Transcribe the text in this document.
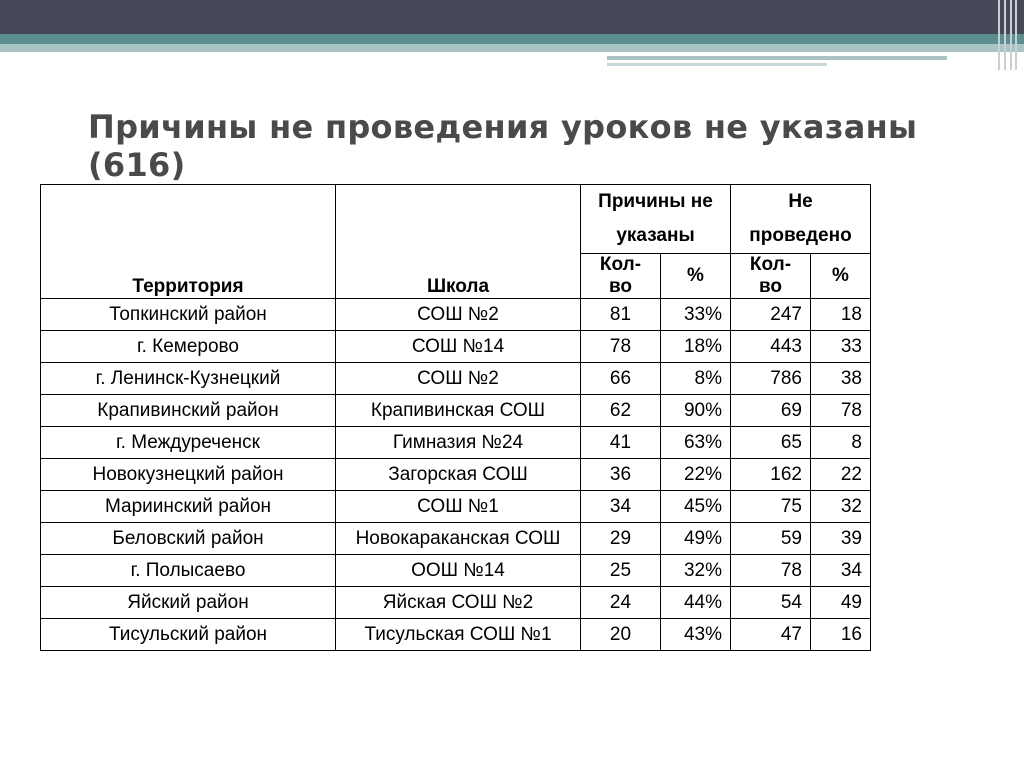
Причины не проведения уроков не указаны (616)
Территория	Школа	Причины не указаны		Не проведено	
		Кол-во	%	Кол-во	%
Топкинский район	СОШ №2	81	33%	247	18
г. Кемерово	СОШ №14	78	18%	443	33
г. Ленинск-Кузнецкий	СОШ №2	66	8%	786	38
Крапивинский район	Крапивинская СОШ	62	90%	69	78
г. Междуреченск	Гимназия №24	41	63%	65	8
Новокузнецкий район	Загорская СОШ	36	22%	162	22
Мариинский район	СОШ №1	34	45%	75	32
Беловский район	Новокараканская СОШ	29	49%	59	39
г. Полысаево	ООШ №14	25	32%	78	34
Яйский район	Яйская СОШ №2	24	44%	54	49
Тисульский район	Тисульская СОШ №1	20	43%	47	16
